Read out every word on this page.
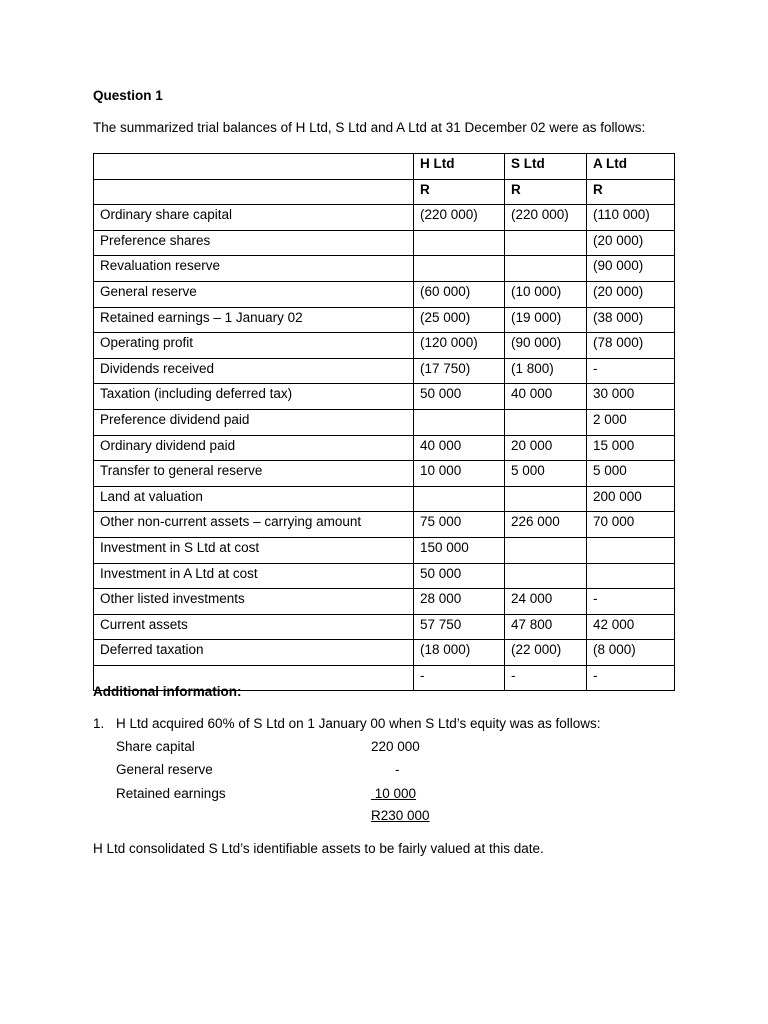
Question 1
The summarized trial balances of H Ltd, S Ltd and A Ltd at 31 December 02 were as follows:
	H Ltd	S Ltd	A Ltd
	R	R	R
Ordinary share capital	(220 000)	(220 000)	(110 000)
Preference shares			(20 000)
Revaluation reserve			(90 000)
General reserve	(60 000)	(10 000)	(20 000)
Retained earnings – 1 January 02	(25 000)	(19 000)	(38 000)
Operating profit	(120 000)	(90 000)	(78 000)
Dividends received	(17 750)	(1 800)	-
Taxation (including deferred tax)	50 000	40 000	30 000
Preference dividend paid			2 000
Ordinary dividend paid	40 000	20 000	15 000
Transfer to general reserve	10 000	5 000	5 000
Land at valuation			200 000
Other non-current assets – carrying amount	75 000	226 000	70 000
Investment in S Ltd at cost	150 000		
Investment in A Ltd at cost	50 000		
Other listed investments	28 000	24 000	-
Current assets	57 750	47 800	42 000
Deferred taxation	(18 000)	(22 000)	(8 000)
	-	-	-
Additional information:
1. H Ltd acquired 60% of S Ltd on 1 January 00 when S Ltd’s equity was as follows:
Share capital	220 000
General reserve	-
Retained earnings	10 000
R230 000
H Ltd consolidated S Ltd’s identifiable assets to be fairly valued at this date.
